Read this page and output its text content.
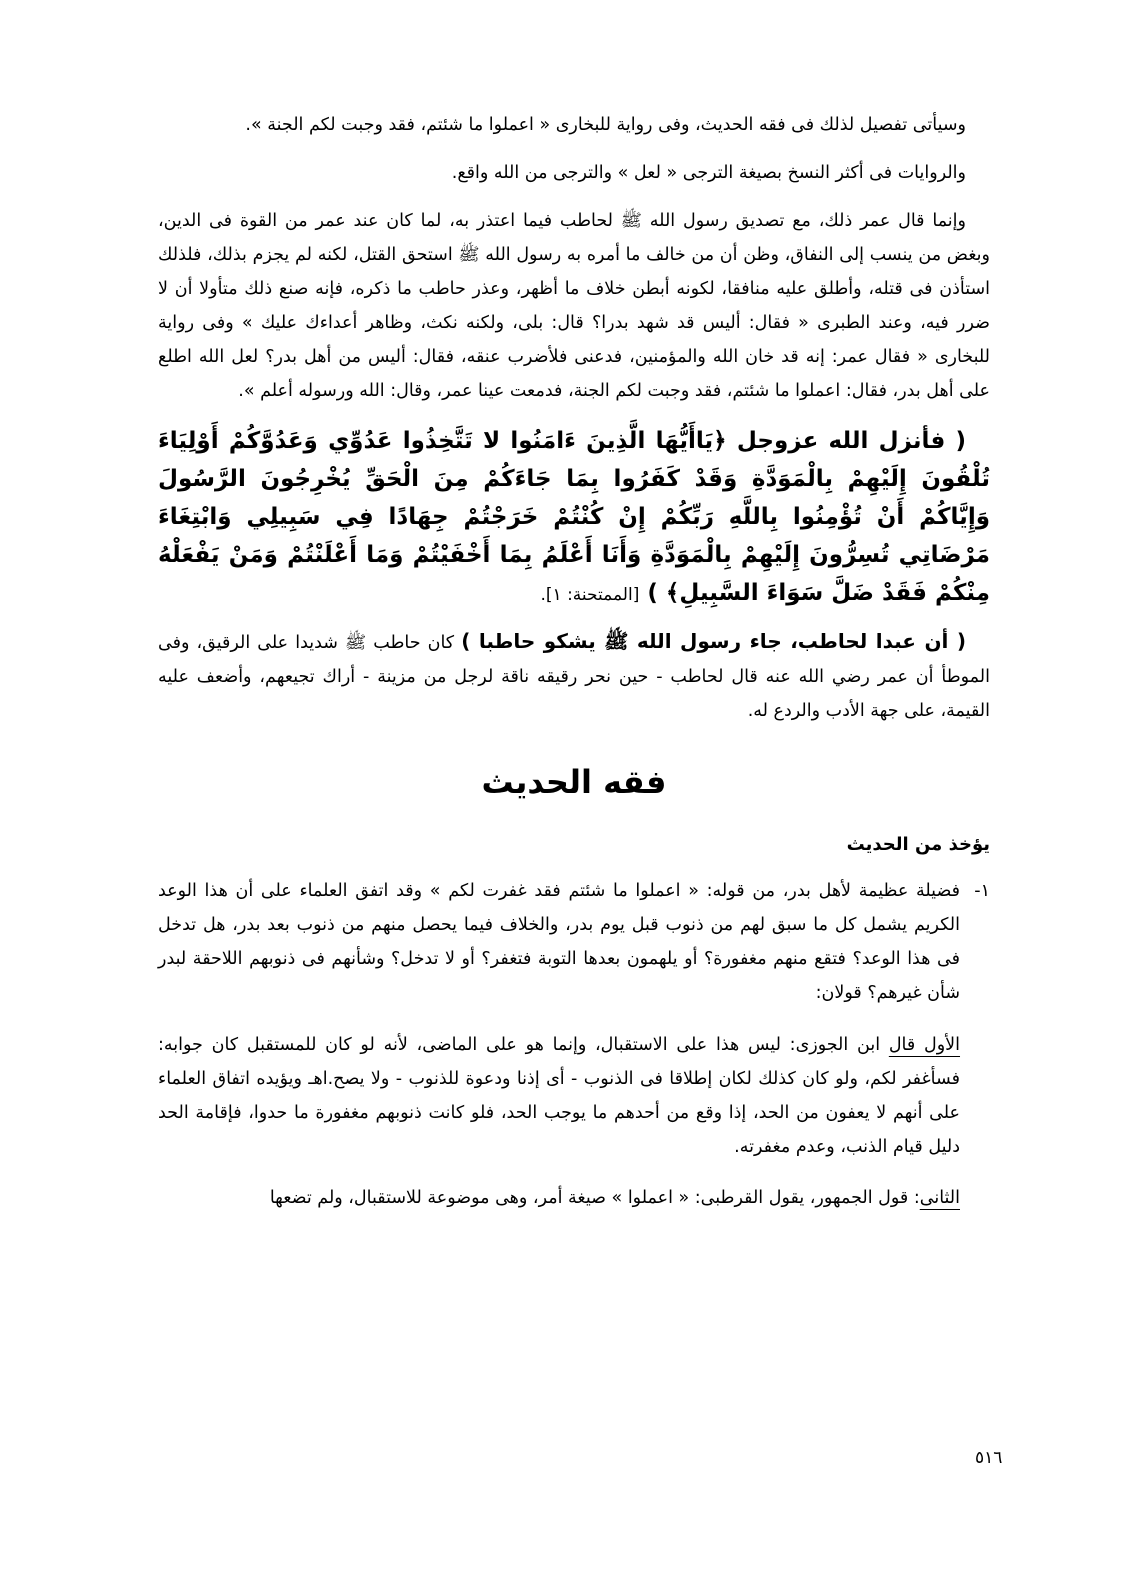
وسيأتى تفصيل لذلك فى فقه الحديث، وفى رواية للبخارى « اعملوا ما شئتم، فقد وجبت لكم الجنة ».

والروايات فى أكثر النسخ بصيغة الترجى « لعل » والترجى من الله واقع.

وإنما قال عمر ذلك، مع تصديق رسول الله ﷺ لحاطب فيما اعتذر به، لما كان عند عمر من القوة فى الدين، وبغض من ينسب إلى النفاق، وظن أن من خالف ما أمره به رسول الله ﷺ استحق القتل، لكنه لم يجزم بذلك، فلذلك استأذن فى قتله، وأطلق عليه منافقا، لكونه أبطن خلاف ما أظهر، وعذر حاطب ما ذكره، فإنه صنع ذلك متأولا أن لا ضرر فيه، وعند الطبرى « فقال: أليس قد شهد بدرا؟ قال: بلى، ولكنه نكث، وظاهر أعداءك عليك » وفى رواية للبخارى « فقال عمر: إنه قد خان الله والمؤمنين، فدعنى فلأضرب عنقه، فقال: أليس من أهل بدر؟ لعل الله اطلع على أهل بدر، فقال: اعملوا ما شئتم، فقد وجبت لكم الجنة، فدمعت عينا عمر، وقال: الله ورسوله أعلم ».

( فأنزل الله عزوجل ﴿يَاأَيُّهَا الَّذِينَ ءَامَنُوا لا تَتَّخِذُوا عَدُوِّي وَعَدُوَّكُمْ أَوْلِيَاءَ تُلْقُونَ إِلَيْهِمْ بِالْمَوَدَّةِ وَقَدْ كَفَرُوا بِمَا جَاءَكُمْ مِنَ الْحَقِّ يُخْرِجُونَ الرَّسُولَ وَإِيَّاكُمْ أَنْ تُؤْمِنُوا بِاللَّهِ رَبِّكُمْ إِنْ كُنْتُمْ خَرَجْتُمْ جِهَادًا فِي سَبِيلِي وَابْتِغَاءَ مَرْضَاتِي تُسِرُّونَ إِلَيْهِمْ بِالْمَوَدَّةِ وَأَنَا أَعْلَمُ بِمَا أَخْفَيْتُمْ وَمَا أَعْلَنْتُمْ وَمَنْ يَفْعَلْهُ مِنْكُمْ فَقَدْ ضَلَّ سَوَاءَ السَّبِيلِ﴾ ) [الممتحنة: ١].

( أن عبدا لحاطب، جاء رسول الله ﷺ يشكو حاطبا ) كان حاطب ﷺ شديدا على الرقيق، وفى الموطأ أن عمر رضي الله عنه قال لحاطب - حين نحر رقيقه ناقة لرجل من مزينة - أراك تجيعهم، وأضعف عليه القيمة، على جهة الأدب والردع له.

فقه الحديث
يؤخذ من الحديث
١-
فضيلة عظيمة لأهل بدر، من قوله: « اعملوا ما شئتم فقد غفرت لكم » وقد اتفق العلماء على أن هذا الوعد الكريم يشمل كل ما سبق لهم من ذنوب قبل يوم بدر، والخلاف فيما يحصل منهم من ذنوب بعد بدر، هل تدخل فى هذا الوعد؟ فتقع منهم مغفورة؟ أو يلهمون بعدها التوبة فتغفر؟ أو لا تدخل؟ وشأنهم فى ذنوبهم اللاحقة لبدر شأن غيرهم؟ قولان:

الأول قال ابن الجوزى: ليس هذا على الاستقبال، وإنما هو على الماضى، لأنه لو كان للمستقبل كان جوابه: فسأغفر لكم، ولو كان كذلك لكان إطلاقا فى الذنوب - أى إذنا ودعوة للذنوب - ولا يصح.اهـ ويؤيده اتفاق العلماء على أنهم لا يعفون من الحد، إذا وقع من أحدهم ما يوجب الحد، فلو كانت ذنوبهم مغفورة ما حدوا، فإقامة الحد دليل قيام الذنب، وعدم مغفرته.

الثانى: قول الجمهور، يقول القرطبى: « اعملوا » صيغة أمر، وهى موضوعة للاستقبال، ولم تضعها

٥١٦
